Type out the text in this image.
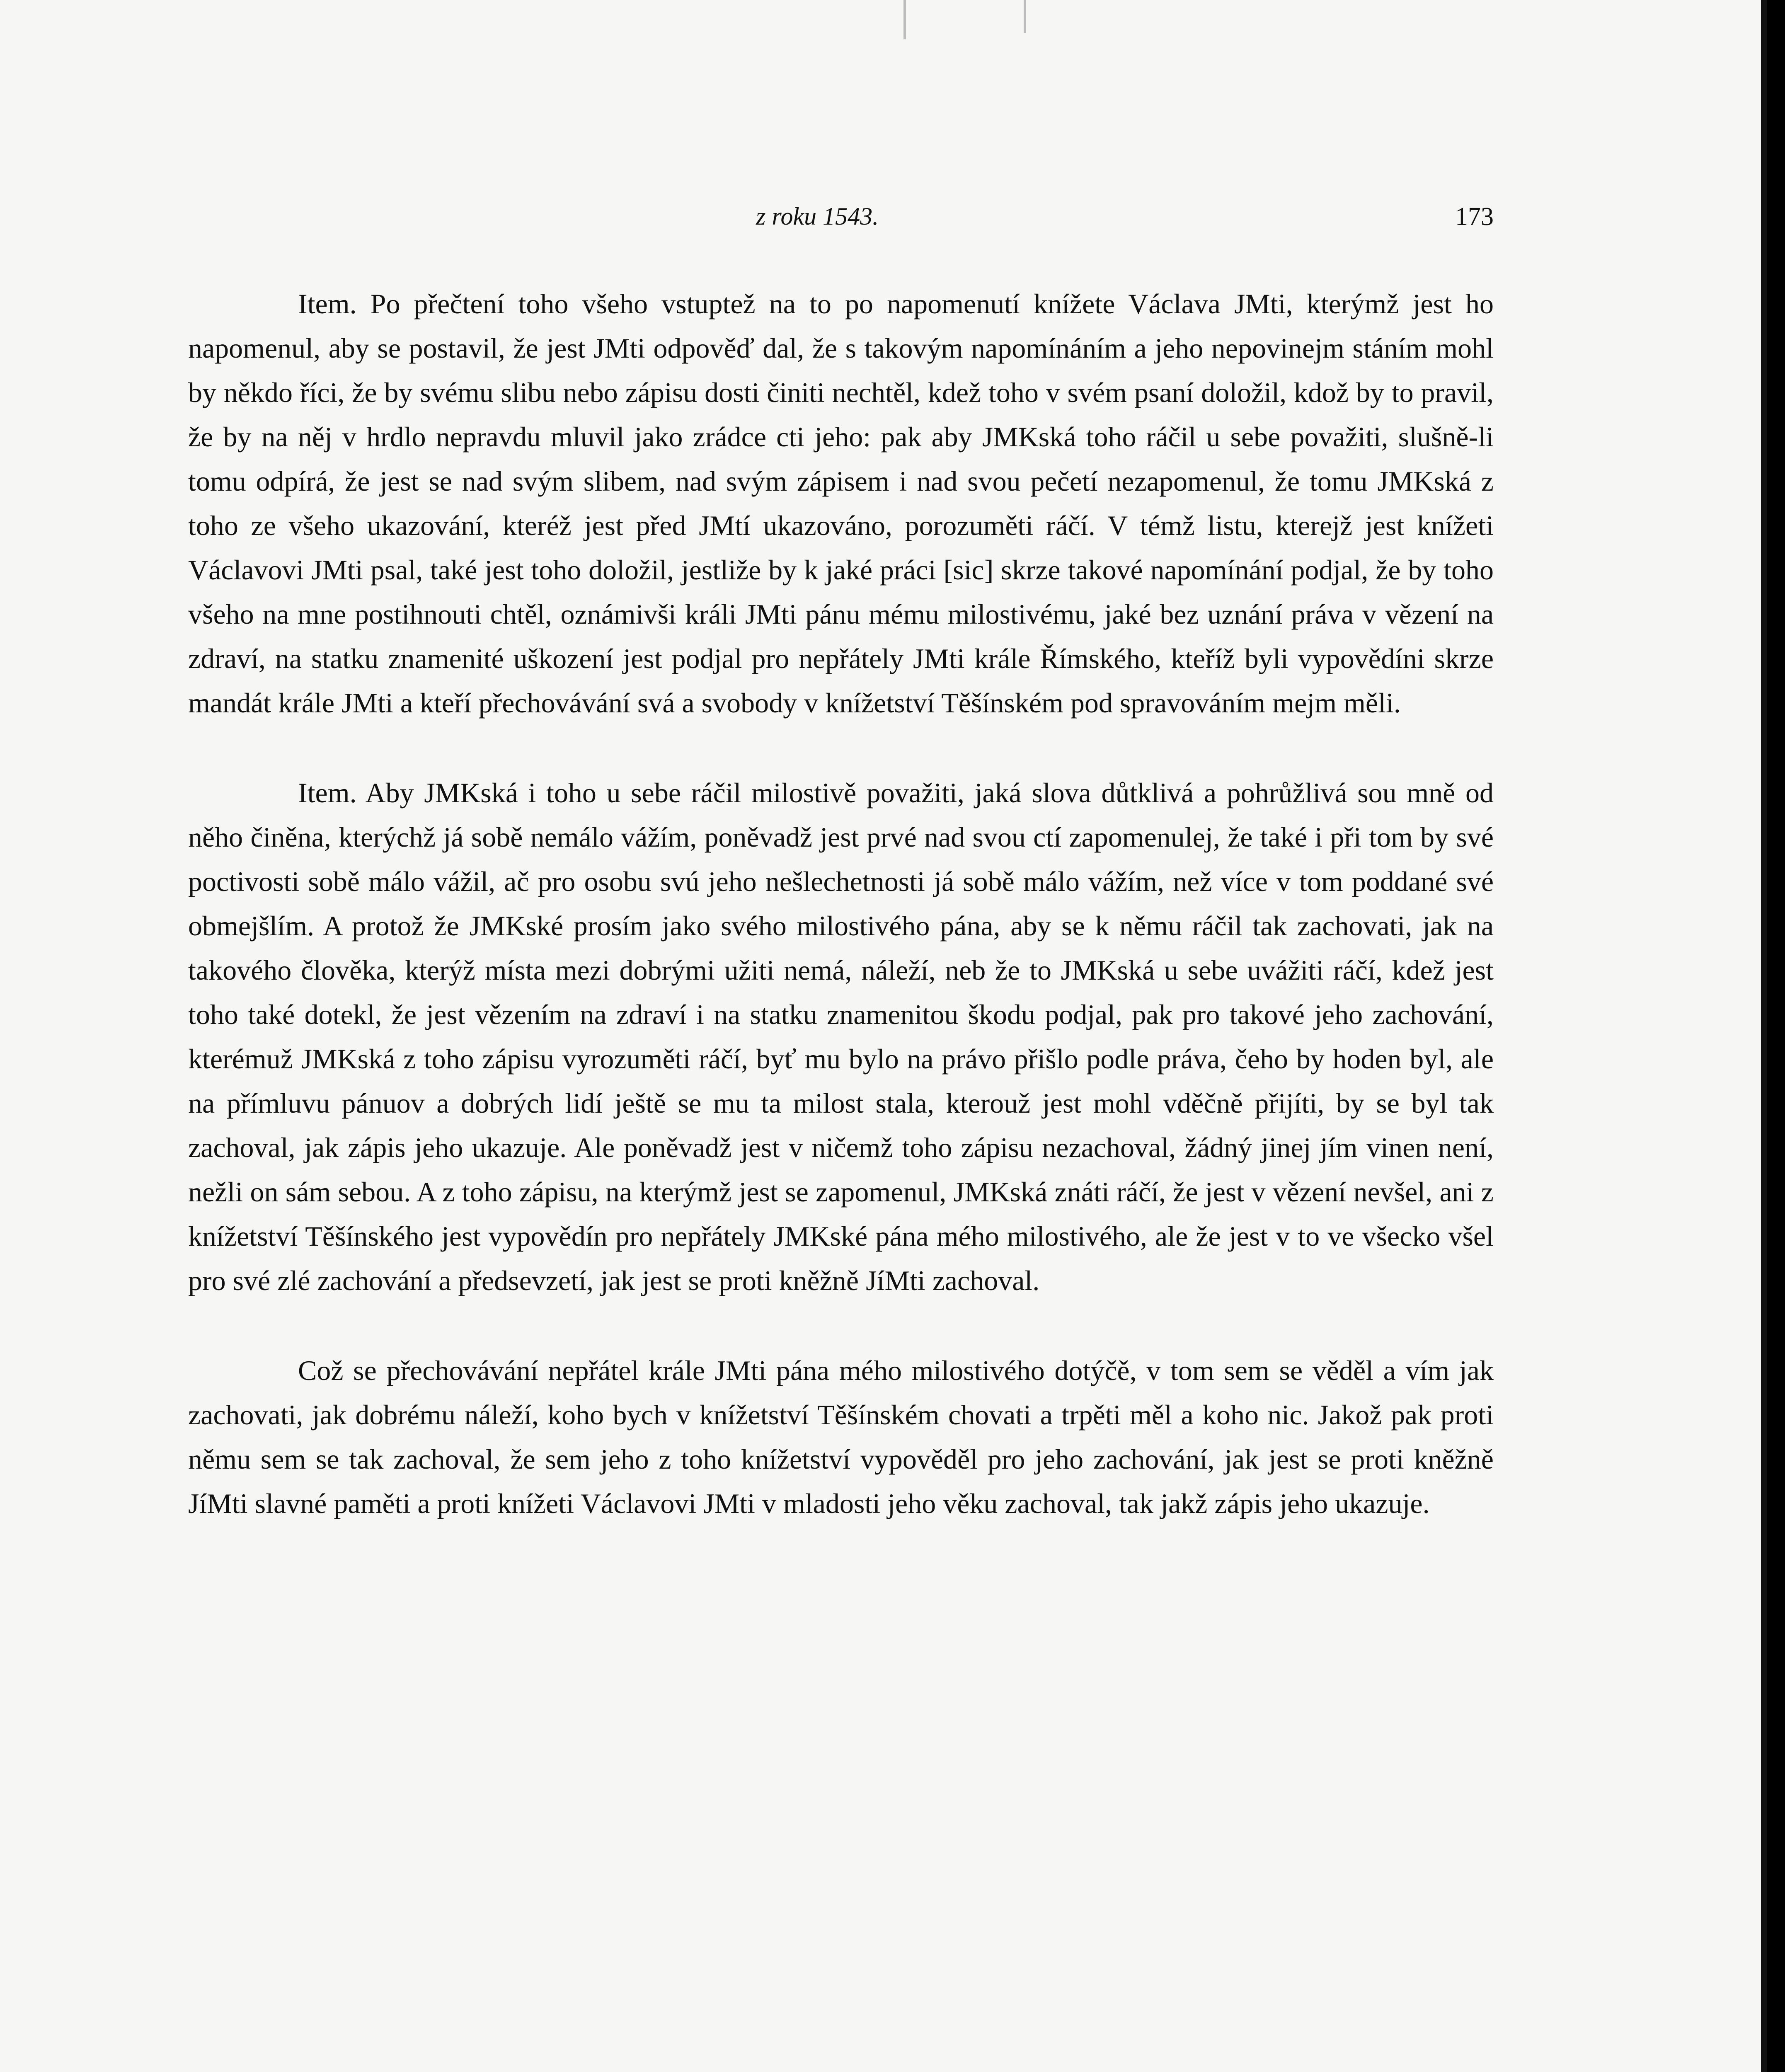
z roku 1543.	173

Item. Po přečtení toho všeho vstuptež na to po napomenutí knížete Václava JMti, kterýmž jest ho napomenul, aby se postavil, že jest JMti odpověď dal, že s takovým napomínáním a jeho nepovinejm stáním mohl by někdo říci, že by svému slibu nebo zápisu dosti činiti nechtěl, kdež toho v svém psaní doložil, kdož by to pravil, že by na něj v hrdlo nepravdu mluvil jako zrádce cti jeho: pak aby JMKská toho ráčil u sebe považiti, slušně-li tomu odpírá, že jest se nad svým slibem, nad svým zápisem i nad svou pečetí nezapomenul, že tomu JMKská z toho ze všeho ukazování, kteréž jest před JMtí ukazováno, porozuměti ráčí. V témž listu, kterejž jest knížeti Václavovi JMti psal, také jest toho doložil, jestliže by k jaké práci [sic] skrze takové napomínání podjal, že by toho všeho na mne postihnouti chtěl, oznámivši králi JMti pánu mému milostivému, jaké bez uznání práva v vězení na zdraví, na statku znamenité uškození jest podjal pro nepřátely JMti krále Římského, kteříž byli vypovědíni skrze mandát krále JMti a kteří přechovávání svá a svobody v knížetství Těšínském pod spravováním mejm měli.

Item. Aby JMKská i toho u sebe ráčil milostivě považiti, jaká slova důtklivá a pohrůžlivá sou mně od něho činěna, kterýchž já sobě nemálo vážím, poněvadž jest prvé nad svou ctí zapomenulej, že také i při tom by své poctivosti sobě málo vážil, ač pro osobu svú jeho nešlechetnosti já sobě málo vážím, než více v tom poddané své obmejšlím. A protož že JMKské prosím jako svého milostivého pána, aby se k němu ráčil tak zachovati, jak na takového člověka, kterýž místa mezi dobrými užiti nemá, náleží, neb že to JMKská u sebe uvážiti ráčí, kdež jest toho také dotekl, že jest vězením na zdraví i na statku znamenitou škodu podjal, pak pro takové jeho zachování, kterémuž JMKská z toho zápisu vyrozuměti ráčí, byť mu bylo na právo přišlo podle práva, čeho by hoden byl, ale na přímluvu pánuov a dobrých lidí ještě se mu ta milost stala, kterouž jest mohl vděčně přijíti, by se byl tak zachoval, jak zápis jeho ukazuje. Ale poněvadž jest v ničemž toho zápisu nezachoval, žádný jinej jím vinen není, nežli on sám sebou. A z toho zápisu, na kterýmž jest se zapomenul, JMKská znáti ráčí, že jest v vězení nevšel, ani z knížetství Těšínského jest vypovědín pro nepřátely JMKské pána mého milostivého, ale že jest v to ve všecko všel pro své zlé zachování a předsevzetí, jak jest se proti kněžně JíMti zachoval.

Což se přechovávání nepřátel krále JMti pána mého milostivého dotýčě, v tom sem se věděl a vím jak zachovati, jak dobrému náleží, koho bych v knížetství Těšínském chovati a trpěti měl a koho nic. Jakož pak proti němu sem se tak zachoval, že sem jeho z toho knížetství vypověděl pro jeho zachování, jak jest se proti kněžně JíMti slavné paměti a proti knížeti Václavovi JMti v mladosti jeho věku zachoval, tak jakž zápis jeho ukazuje.
